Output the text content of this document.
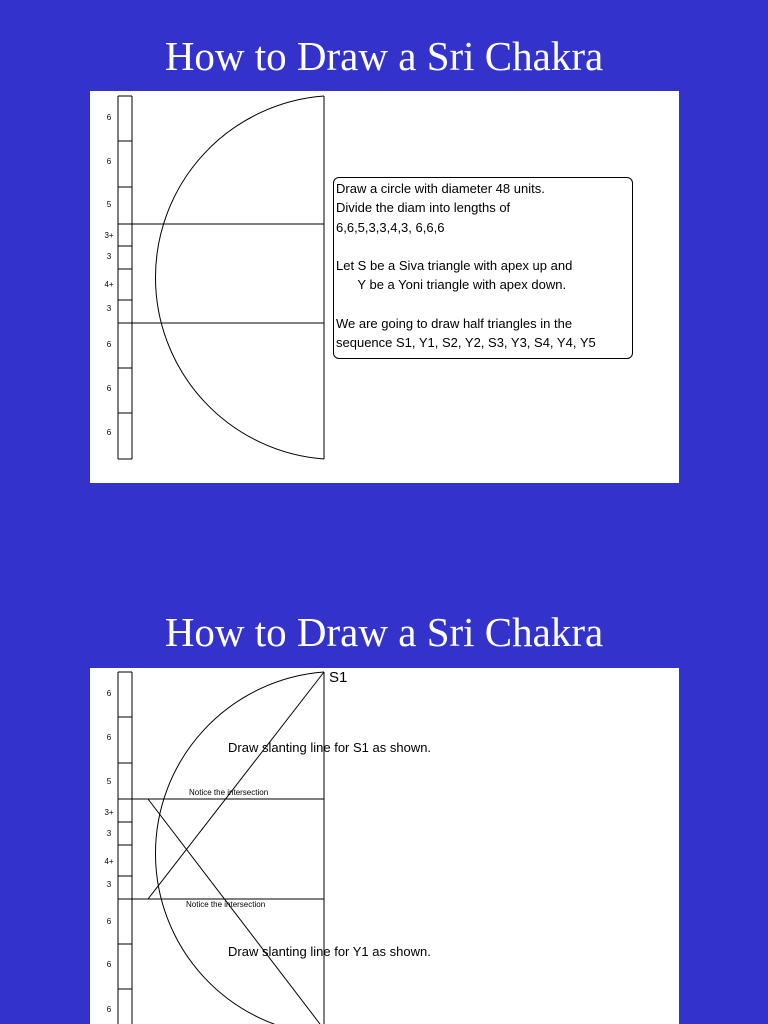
How to Draw a Sri Chakra
6
6
5
3+
3
4+
3
6
6
6
Draw a circle with diameter 48 units.
Divide the diam into lengths of
6,6,5,3,3,4,3, 6,6,6

Let S be a Siva triangle with apex up and
Y be a Yoni triangle with apex down.

We are going to draw half triangles in the
sequence S1, Y1, S2, Y2, S3, Y3, S4, Y4, Y5
How to Draw a Sri Chakra
6
6
5
3+
3
4+
3
6
6
6
S1
Draw slanting line for S1 as shown.
Notice the intersection
Notice the intersection
Draw slanting line for Y1 as shown.
